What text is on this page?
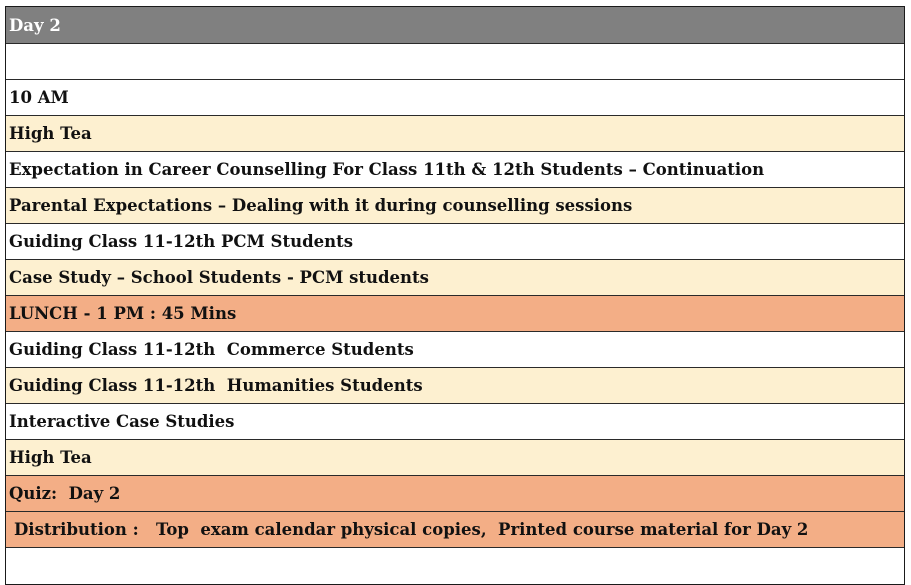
Day 2
10 AM
High Tea
Expectation in Career Counselling For Class 11th & 12th Students – Continuation
Parental Expectations – Dealing with it during counselling sessions
Guiding Class 11-12th PCM Students
Case Study – School Students - PCM students
LUNCH - 1 PM : 45 Mins
Guiding Class 11-12th  Commerce Students
Guiding Class 11-12th  Humanities Students
Interactive Case Studies
High Tea
Quiz:  Day 2
Distribution :   Top  exam calendar physical copies,  Printed course material for Day 2
